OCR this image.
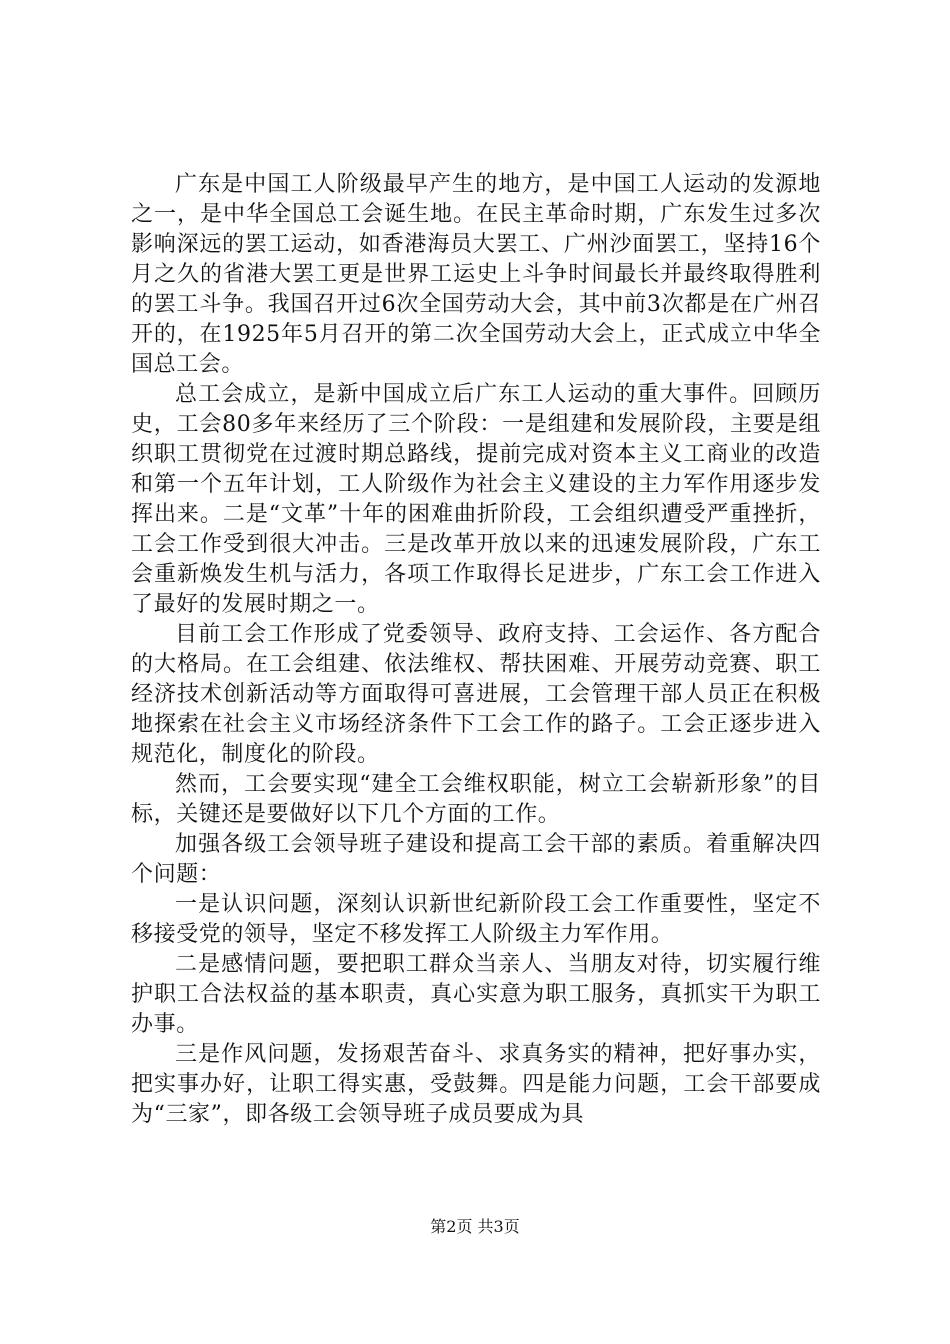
广东是中国工人阶级最早产生的地方，是中国工人运动的发源地之一，是中华全国总工会诞生地。在民主革命时期，广东发生过多次影响深远的罢工运动，如香港海员大罢工、广州沙面罢工，坚持16个月之久的省港大罢工更是世界工运史上斗争时间最长并最终取得胜利的罢工斗争。我国召开过6次全国劳动大会，其中前3次都是在广州召开的，在1925年5月召开的第二次全国劳动大会上，正式成立中华全国总工会。

总工会成立，是新中国成立后广东工人运动的重大事件。回顾历史，工会80多年来经历了三个阶段：一是组建和发展阶段，主要是组织职工贯彻党在过渡时期总路线，提前完成对资本主义工商业的改造和第一个五年计划，工人阶级作为社会主义建设的主力军作用逐步发挥出来。二是“文革”十年的困难曲折阶段，工会组织遭受严重挫折，工会工作受到很大冲击。三是改革开放以来的迅速发展阶段，广东工会重新焕发生机与活力，各项工作取得长足进步，广东工会工作进入了最好的发展时期之一。

目前工会工作形成了党委领导、政府支持、工会运作、各方配合的大格局。在工会组建、依法维权、帮扶困难、开展劳动竞赛、职工经济技术创新活动等方面取得可喜进展，工会管理干部人员正在积极地探索在社会主义市场经济条件下工会工作的路子。工会正逐步进入规范化，制度化的阶段。

然而，工会要实现“建全工会维权职能，树立工会崭新形象”的目标，关键还是要做好以下几个方面的工作。

加强各级工会领导班子建设和提高工会干部的素质。着重解决四个问题：

一是认识问题，深刻认识新世纪新阶段工会工作重要性，坚定不移接受党的领导，坚定不移发挥工人阶级主力军作用。

二是感情问题，要把职工群众当亲人、当朋友对待，切实履行维护职工合法权益的基本职责，真心实意为职工服务，真抓实干为职工办事。

三是作风问题，发扬艰苦奋斗、求真务实的精神，把好事办实，把实事办好，让职工得实惠，受鼓舞。四是能力问题，工会干部要成为“三家”，即各级工会领导班子成员要成为具

第2页 共3页
